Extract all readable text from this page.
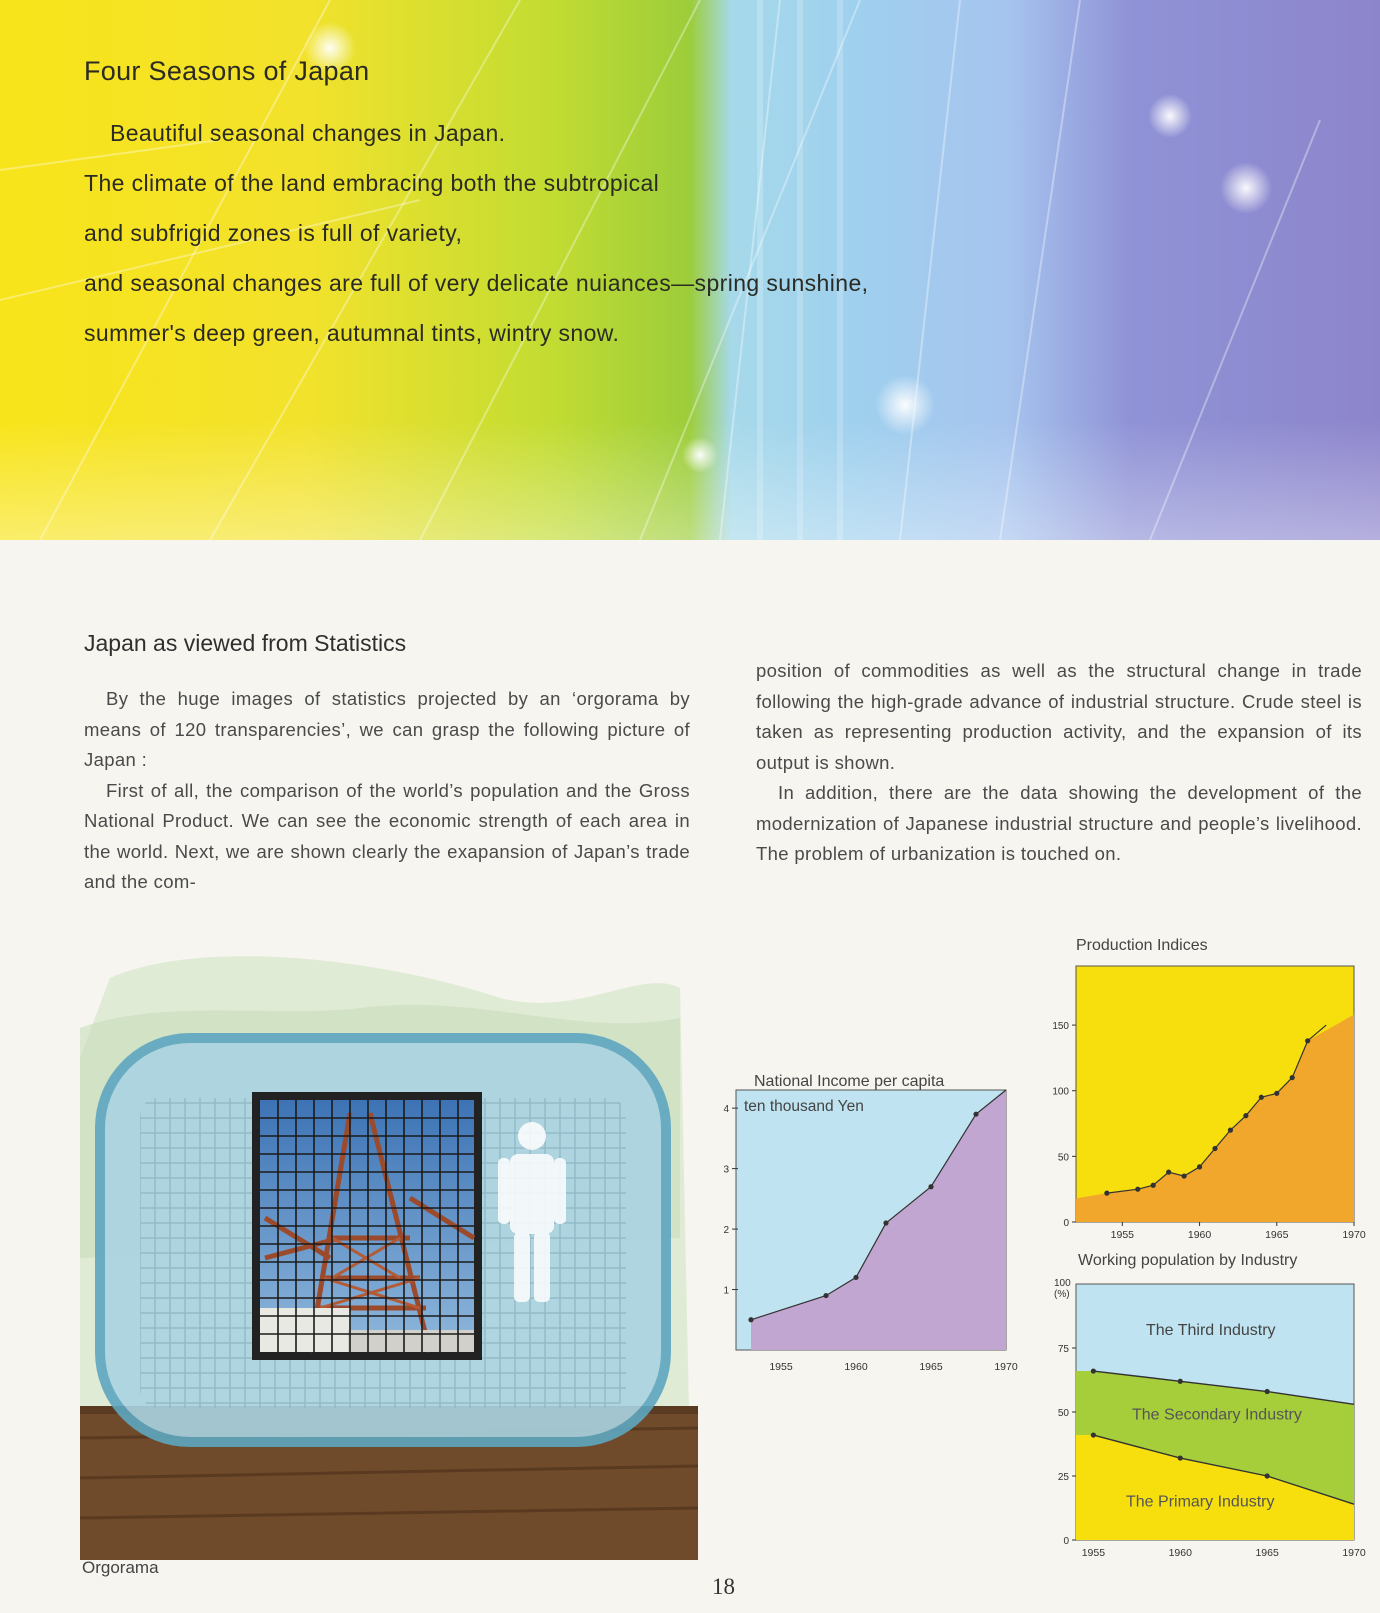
Four Seasons of Japan
Beautiful seasonal changes in Japan.
The climate of the land embracing both the subtropical
and subfrigid zones is full of variety,
and seasonal changes are full of very delicate nuiances—spring sunshine,
summer's deep green, autumnal tints, wintry snow.
Japan as viewed from Statistics

By the huge images of statistics projected by an ‘orgorama by means of 120 transparencies’, we can grasp the following picture of Japan :

First of all, the comparison of the world’s population and the Gross National Product. We can see the economic strength of each area in the world. Next, we are shown clearly the exapansion of Japan’s trade and the com-

position of commodities as well as the structural change in trade following the high-grade advance of industrial structure. Crude steel is taken as representing production activity, and the expansion of its output is shown.

In addition, there are the data showing the development of the modernization of Japanese industrial structure and people’s livelihood. The problem of urbanization is touched on.

Orgorama
National Income per capita
1
2
3
4
1955	1960	1965	1970
ten thousand Yen
Production Indices
0
50
100
150
1955	1960	1965	1970
Working population by Industry
The Third Industry
The Secondary Industry
The Primary Industry
0
25
50
75
100
(%)
1955	1960	1965	1970
18
